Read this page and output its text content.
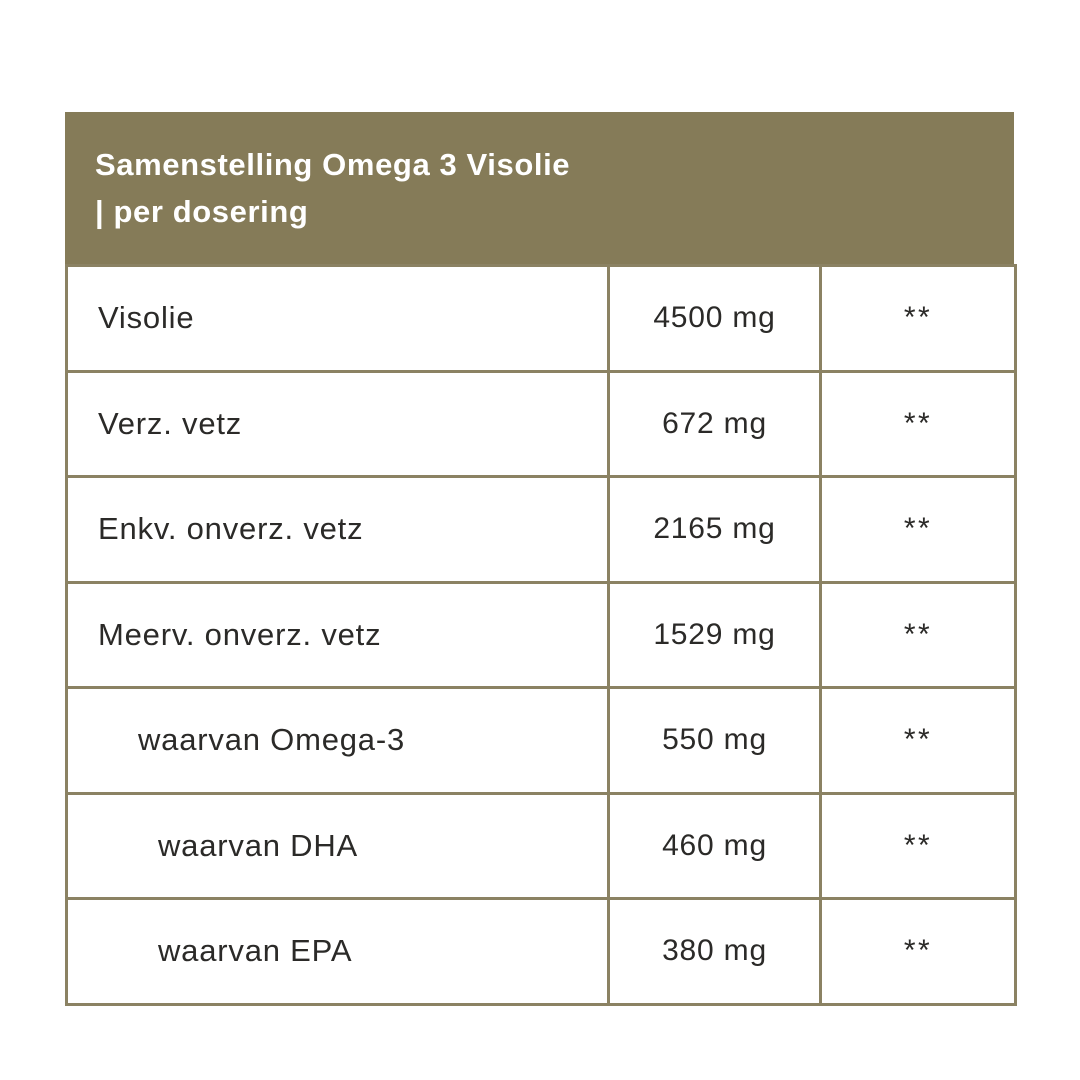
Samenstelling Omega 3 Visolie
| per dosering
Visolie	4500 mg	**
Verz. vetz	672 mg	**
Enkv. onverz. vetz	2165 mg	**
Meerv. onverz. vetz	1529 mg	**
waarvan Omega-3	550 mg	**
waarvan DHA	460 mg	**
waarvan EPA	380 mg	**
